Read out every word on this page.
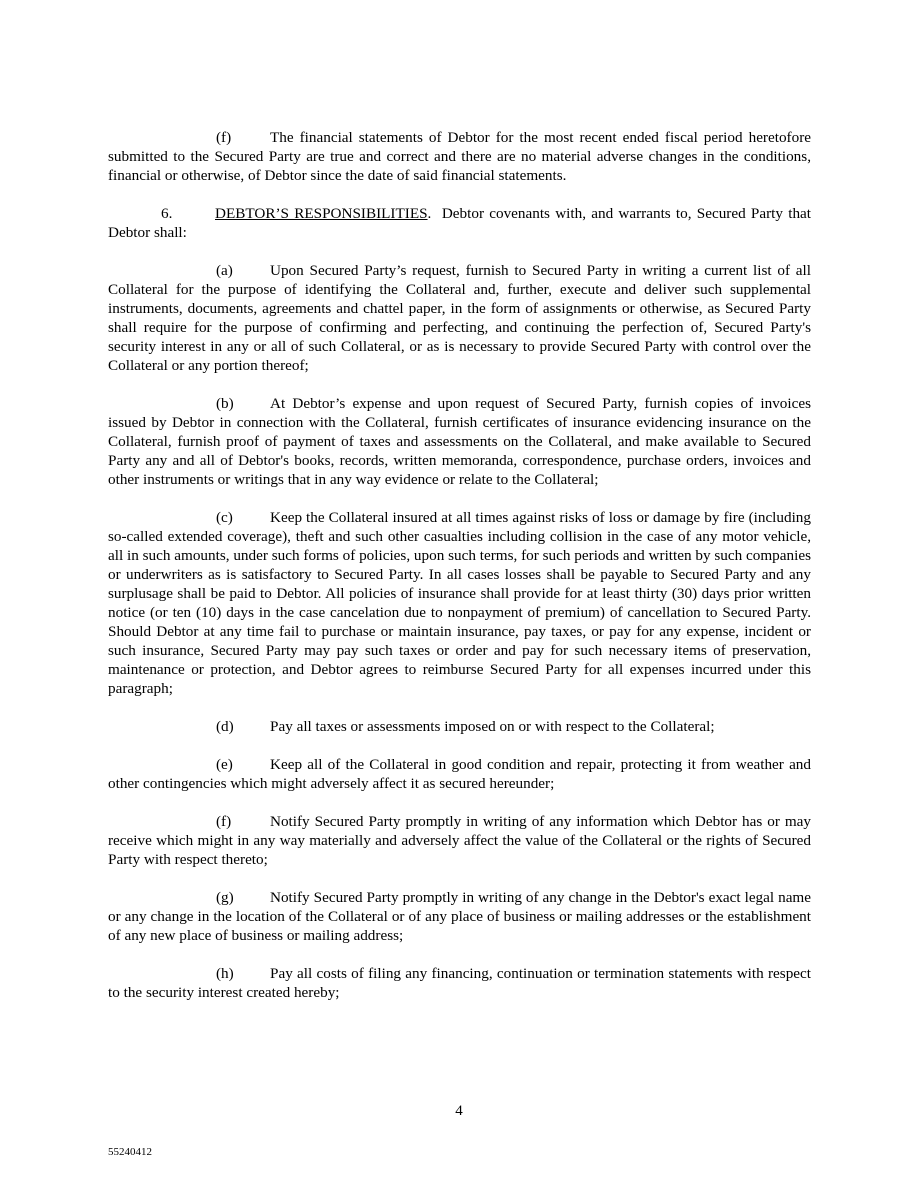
(f)	The financial statements of Debtor for the most recent ended fiscal period heretofore submitted to the Secured Party are true and correct and there are no material adverse changes in the conditions, financial or otherwise, of Debtor since the date of said financial statements.

6.	DEBTOR’S RESPONSIBILITIES. Debtor covenants with, and warrants to, Secured Party that Debtor shall:

(a) Upon Secured Party’s request, furnish to Secured Party in writing a current list of all Collateral for the purpose of identifying the Collateral and, further, execute and deliver such supplemental instruments, documents, agreements and chattel paper, in the form of assignments or otherwise, as Secured Party shall require for the purpose of confirming and perfecting, and continuing the perfection of, Secured Party's security interest in any or all of such Collateral, or as is necessary to provide Secured Party with control over the Collateral or any portion thereof;

(b) At Debtor’s expense and upon request of Secured Party, furnish copies of invoices issued by Debtor in connection with the Collateral, furnish certificates of insurance evidencing insurance on the Collateral, furnish proof of payment of taxes and assessments on the Collateral, and make available to Secured Party any and all of Debtor's books, records, written memoranda, correspondence, purchase orders, invoices and other instruments or writings that in any way evidence or relate to the Collateral;

(c) Keep the Collateral insured at all times against risks of loss or damage by fire (including so-called extended coverage), theft and such other casualties including collision in the case of any motor vehicle, all in such amounts, under such forms of policies, upon such terms, for such periods and written by such companies or underwriters as is satisfactory to Secured Party. In all cases losses shall be payable to Secured Party and any surplusage shall be paid to Debtor. All policies of insurance shall provide for at least thirty (30) days prior written notice (or ten (10) days in the case cancelation due to nonpayment of premium) of cancellation to Secured Party. Should Debtor at any time fail to purchase or maintain insurance, pay taxes, or pay for any expense, incident or such insurance, Secured Party may pay such taxes or order and pay for such necessary items of preservation, maintenance or protection, and Debtor agrees to reimburse Secured Party for all expenses incurred under this paragraph;

(d) Pay all taxes or assessments imposed on or with respect to the Collateral;

(e) Keep all of the Collateral in good condition and repair, protecting it from weather and other contingencies which might adversely affect it as secured hereunder;

(f)	Notify Secured Party promptly in writing of any information which Debtor has or may receive which might in any way materially and adversely affect the value of the Collateral or the rights of Secured Party with respect thereto;

(g) Notify Secured Party promptly in writing of any change in the Debtor's exact legal name or any change in the location of the Collateral or of any place of business or mailing addresses or the establishment of any new place of business or mailing address;

(h) Pay all costs of filing any financing, continuation or termination statements with respect to the security interest created hereby;

4
55240412
